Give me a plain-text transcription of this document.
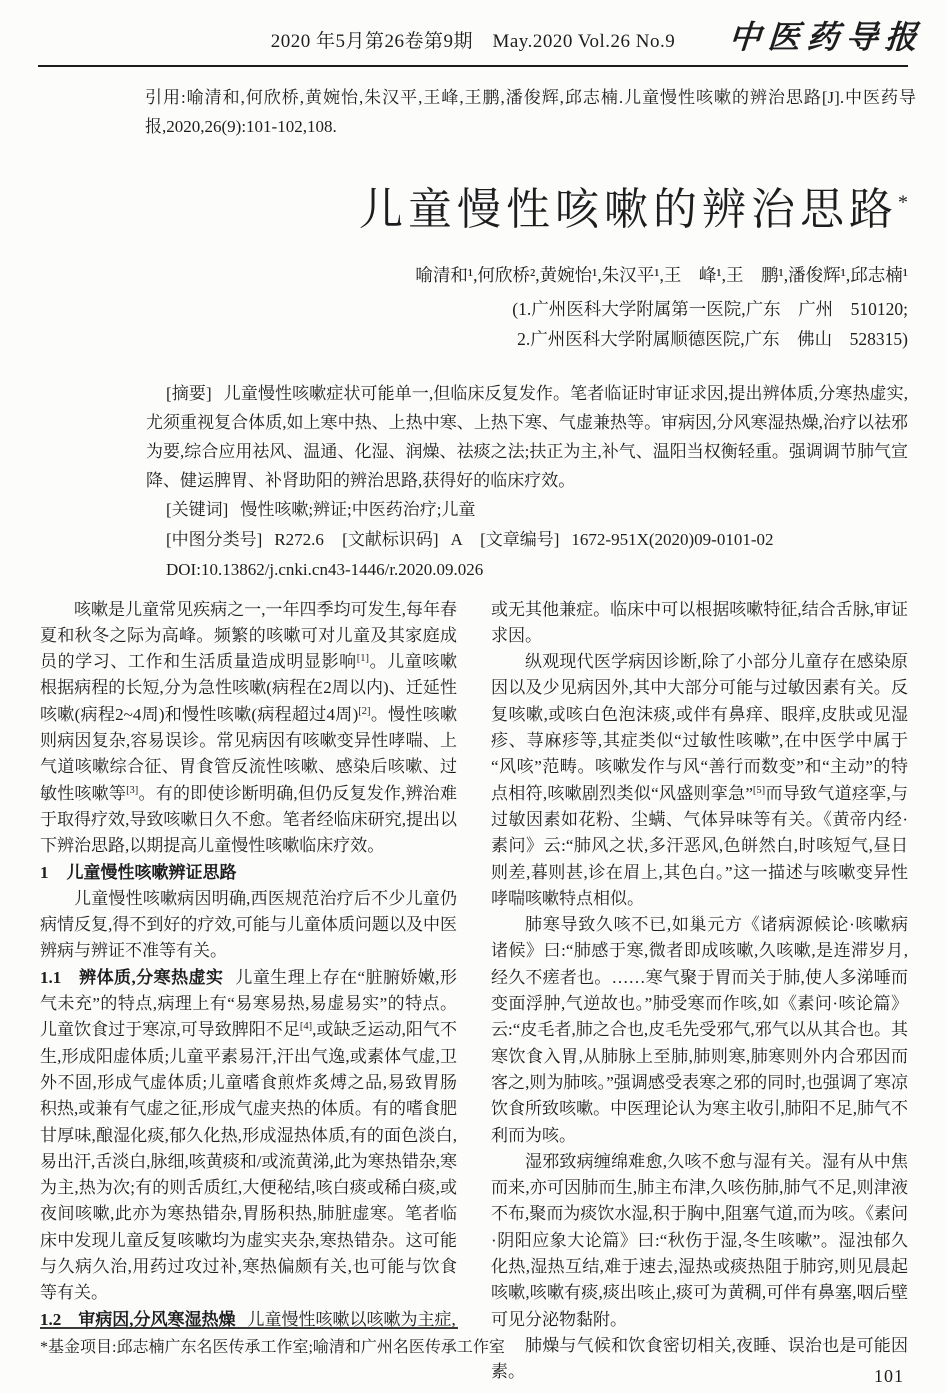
2020 年5月第26卷第9期　May.2020 Vol.26 No.9	中医药导报

引用:喻清和,何欣桥,黄婉怡,朱汉平,王峰,王鹏,潘俊辉,邱志楠.儿童慢性咳嗽的辨治思路[J].中医药导报,2020,26(9):101-102,108.

儿童慢性咳嗽的辨治思路*
喻清和¹,何欣桥²,黄婉怡¹,朱汉平¹,王　峰¹,王　鹏¹,潘俊辉¹,邱志楠¹
(1.广州医科大学附属第一医院,广东　广州　510120;
2.广州医科大学附属顺德医院,广东　佛山　528315)

[摘要] 儿童慢性咳嗽症状可能单一,但临床反复发作。笔者临证时审证求因,提出辨体质,分寒热虚实,尤须重视复合体质,如上寒中热、上热中寒、上热下寒、气虚兼热等。审病因,分风寒湿热燥,治疗以祛邪为要,综合应用祛风、温通、化湿、润燥、祛痰之法;扶正为主,补气、温阳当权衡轻重。强调调节肺气宣降、健运脾胃、补肾助阳的辨治思路,获得好的临床疗效。

[关键词] 慢性咳嗽;辨证;中医药治疗;儿童

[中图分类号] R272.6 [文献标识码] A [文章编号] 1672-951X(2020)09-0101-02

DOI:10.13862/j.cnki.cn43-1446/r.2020.09.026

咳嗽是儿童常见疾病之一,一年四季均可发生,每年春夏和秋冬之际为高峰。频繁的咳嗽可对儿童及其家庭成员的学习、工作和生活质量造成明显影响[1]。儿童咳嗽根据病程的长短,分为急性咳嗽(病程在2周以内)、迁延性咳嗽(病程2~4周)和慢性咳嗽(病程超过4周)[2]。慢性咳嗽则病因复杂,容易误诊。常见病因有咳嗽变异性哮喘、上气道咳嗽综合征、胃食管反流性咳嗽、感染后咳嗽、过敏性咳嗽等[3]。有的即使诊断明确,但仍反复发作,辨治难于取得疗效,导致咳嗽日久不愈。笔者经临床研究,提出以下辨治思路,以期提高儿童慢性咳嗽临床疗效。

1 儿童慢性咳嗽辨证思路

儿童慢性咳嗽病因明确,西医规范治疗后不少儿童仍病情反复,得不到好的疗效,可能与儿童体质问题以及中医辨病与辨证不准等有关。

1.1　辨体质,分寒热虚实 儿童生理上存在“脏腑娇嫩,形气未充”的特点,病理上有“易寒易热,易虚易实”的特点。儿童饮食过于寒凉,可导致脾阳不足[4],或缺乏运动,阳气不生,形成阳虚体质;儿童平素易汗,汗出气逸,或素体气虚,卫外不固,形成气虚体质;儿童嗜食煎炸炙煿之品,易致胃肠积热,或兼有气虚之征,形成气虚夹热的体质。有的嗜食肥甘厚味,酿湿化痰,郁久化热,形成湿热体质,有的面色淡白,易出汗,舌淡白,脉细,咳黄痰和/或流黄涕,此为寒热错杂,寒为主,热为次;有的则舌质红,大便秘结,咳白痰或稀白痰,或夜间咳嗽,此亦为寒热错杂,胃肠积热,肺脏虚寒。笔者临床中发现儿童反复咳嗽均为虚实夹杂,寒热错杂。这可能与久病久治,用药过攻过补,寒热偏颇有关,也可能与饮食等有关。

1.2　审病因,分风寒湿热燥 儿童慢性咳嗽以咳嗽为主症,

或无其他兼症。临床中可以根据咳嗽特征,结合舌脉,审证求因。

纵观现代医学病因诊断,除了小部分儿童存在感染原因以及少见病因外,其中大部分可能与过敏因素有关。反复咳嗽,或咳白色泡沫痰,或伴有鼻痒、眼痒,皮肤或见湿疹、荨麻疹等,其症类似“过敏性咳嗽”,在中医学中属于“风咳”范畴。咳嗽发作与风“善行而数变”和“主动”的特点相符,咳嗽剧烈类似“风盛则挛急”[5]而导致气道痉挛,与过敏因素如花粉、尘螨、气体异味等有关。《黄帝内经·素问》云:“肺风之状,多汗恶风,色皏然白,时咳短气,昼日则差,暮则甚,诊在眉上,其色白。”这一描述与咳嗽变异性哮喘咳嗽特点相似。

肺寒导致久咳不已,如巢元方《诸病源候论·咳嗽病诸候》曰:“肺感于寒,微者即成咳嗽,久咳嗽,是连滞岁月,经久不瘥者也。……寒气聚于胃而关于肺,使人多涕唾而变面浮肿,气逆故也。”肺受寒而作咳,如《素问·咳论篇》云:“皮毛者,肺之合也,皮毛先受邪气,邪气以从其合也。其寒饮食入胃,从肺脉上至肺,肺则寒,肺寒则外内合邪因而客之,则为肺咳。”强调感受表寒之邪的同时,也强调了寒凉饮食所致咳嗽。中医理论认为寒主收引,肺阳不足,肺气不利而为咳。

湿邪致病缠绵难愈,久咳不愈与湿有关。湿有从中焦而来,亦可因肺而生,肺主布津,久咳伤肺,肺气不足,则津液不布,聚而为痰饮水湿,积于胸中,阻塞气道,而为咳。《素问·阴阳应象大论篇》曰:“秋伤于湿,冬生咳嗽”。湿浊郁久化热,湿热互结,难于速去,湿热或痰热阻于肺窍,则见晨起咳嗽,咳嗽有痰,痰出咳止,痰可为黄稠,可伴有鼻塞,咽后壁可见分泌物黏附。

肺燥与气候和饮食密切相关,夜睡、误治也是可能因素。

*基金项目:邱志楠广东名医传承工作室;喻清和广州名医传承工作室

101
